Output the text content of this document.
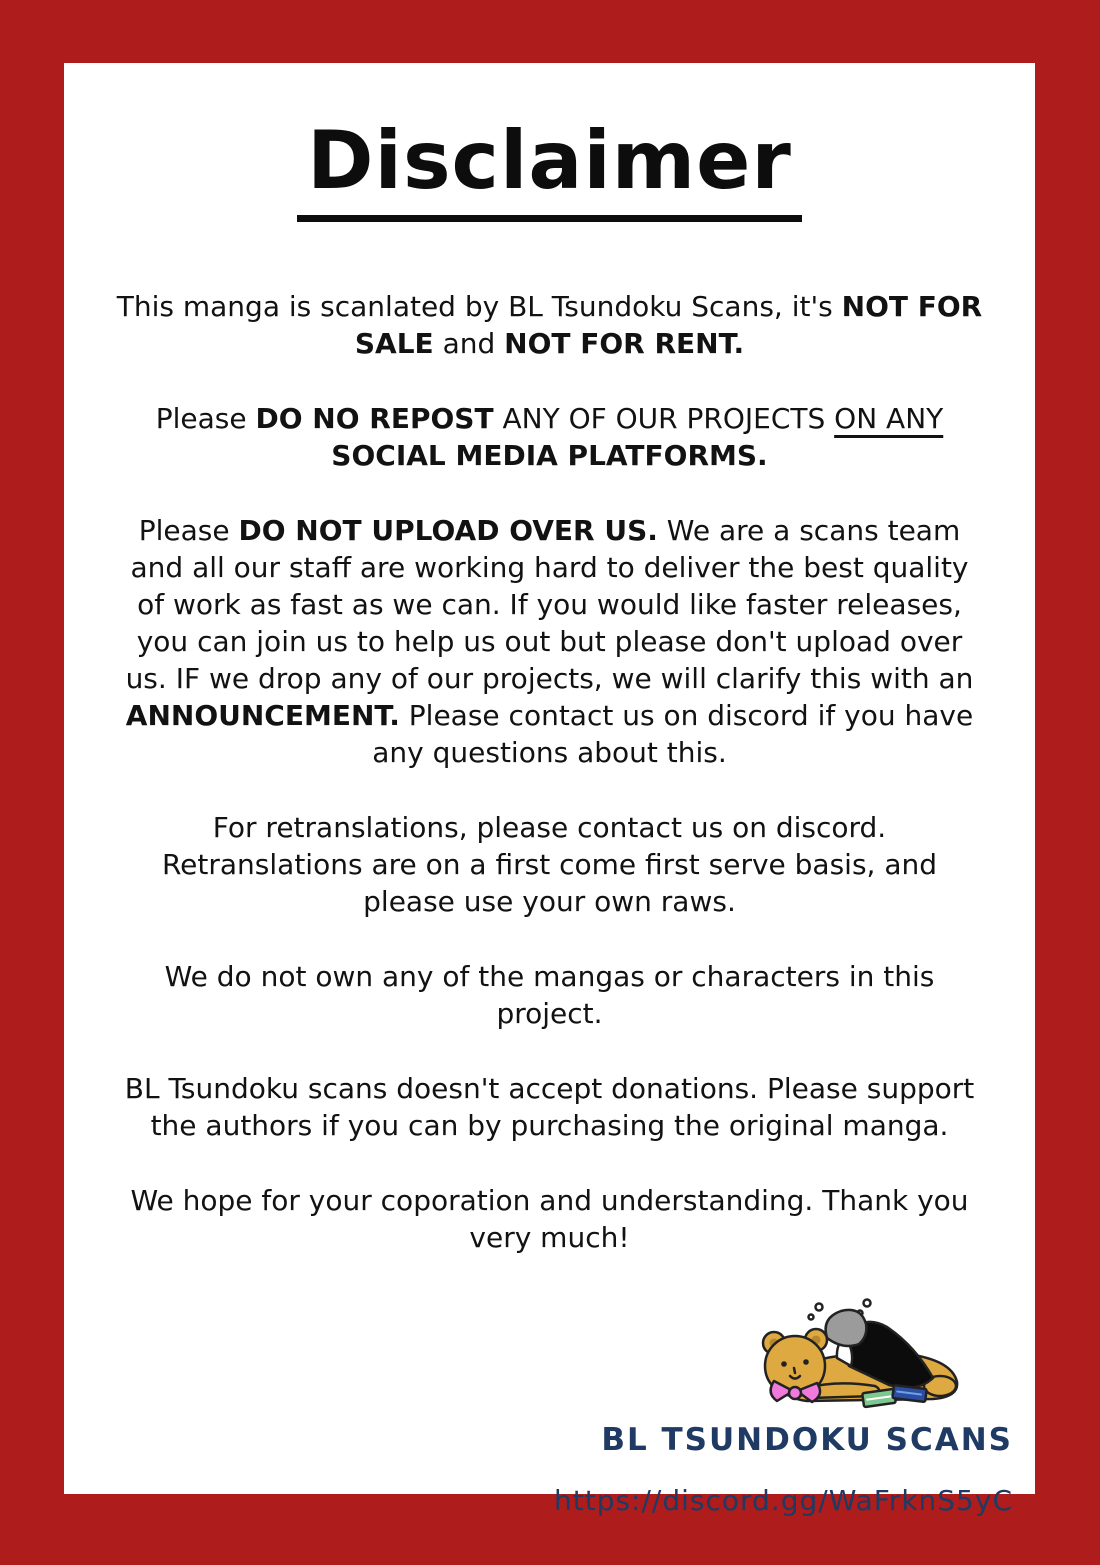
Disclaimer

This manga is scanlated by BL Tsundoku Scans, it's NOT FOR SALE and NOT FOR RENT.

Please DO NO REPOST ANY OF OUR PROJECTS ON ANY SOCIAL MEDIA PLATFORMS.

Please DO NOT UPLOAD OVER US. We are a scans team and all our staff are working hard to deliver the best quality of work as fast as we can. If you would like faster releases, you can join us to help us out but please don't upload over us. IF we drop any of our projects, we will clarify this with an ANNOUNCEMENT. Please contact us on discord if you have any questions about this.

For retranslations, please contact us on discord. Retranslations are on a first come first serve basis, and please use your own raws.

We do not own any of the mangas or characters in this project.

BL Tsundoku scans doesn't accept donations. Please support the authors if you can by purchasing the original manga.

We hope for your coporation and understanding. Thank you very much!

BL TSUNDOKU SCANS
https://discord.gg/WaFrknS5yC
